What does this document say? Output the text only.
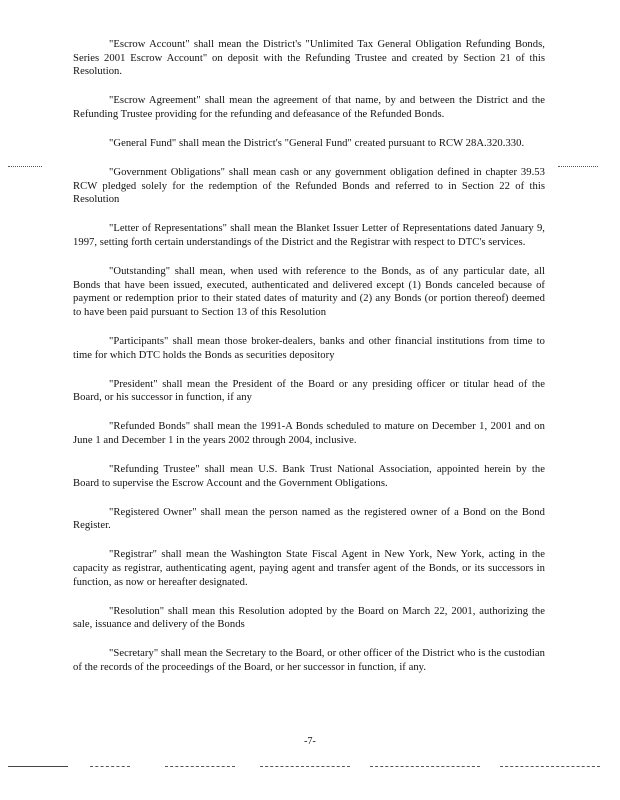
"Escrow Account" shall mean the District's "Unlimited Tax General Obligation Refunding Bonds, Series 2001 Escrow Account" on deposit with the Refunding Trustee and created by Section 21 of this Resolution.

"Escrow Agreement" shall mean the agreement of that name, by and between the District and the Refunding Trustee providing for the refunding and defeasance of the Refunded Bonds.

"General Fund" shall mean the District's "General Fund" created pursuant to RCW 28A.320.330.

"Government Obligations" shall mean cash or any government obligation defined in chapter 39.53 RCW pledged solely for the redemption of the Refunded Bonds and referred to in Section 22 of this Resolution

"Letter of Representations" shall mean the Blanket Issuer Letter of Representations dated January 9, 1997, setting forth certain understandings of the District and the Registrar with respect to DTC's services.

"Outstanding" shall mean, when used with reference to the Bonds, as of any particular date, all Bonds that have been issued, executed, authenticated and delivered except (1) Bonds canceled because of payment or redemption prior to their stated dates of maturity and (2) any Bonds (or portion thereof) deemed to have been paid pursuant to Section 13 of this Resolution

"Participants" shall mean those broker-dealers, banks and other financial institutions from time to time for which DTC holds the Bonds as securities depository

"President" shall mean the President of the Board or any presiding officer or titular head of the Board, or his successor in function, if any

"Refunded Bonds" shall mean the 1991-A Bonds scheduled to mature on December 1, 2001 and on June 1 and December 1 in the years 2002 through 2004, inclusive.

"Refunding Trustee" shall mean U.S. Bank Trust National Association, appointed herein by the Board to supervise the Escrow Account and the Government Obligations.

"Registered Owner" shall mean the person named as the registered owner of a Bond on the Bond Register.

"Registrar" shall mean the Washington State Fiscal Agent in New York, New York, acting in the capacity as registrar, authenticating agent, paying agent and transfer agent of the Bonds, or its successors in function, as now or hereafter designated.

"Resolution" shall mean this Resolution adopted by the Board on March 22, 2001, authorizing the sale, issuance and delivery of the Bonds

"Secretary" shall mean the Secretary to the Board, or other officer of the District who is the custodian of the records of the proceedings of the Board, or her successor in function, if any.

-7-
